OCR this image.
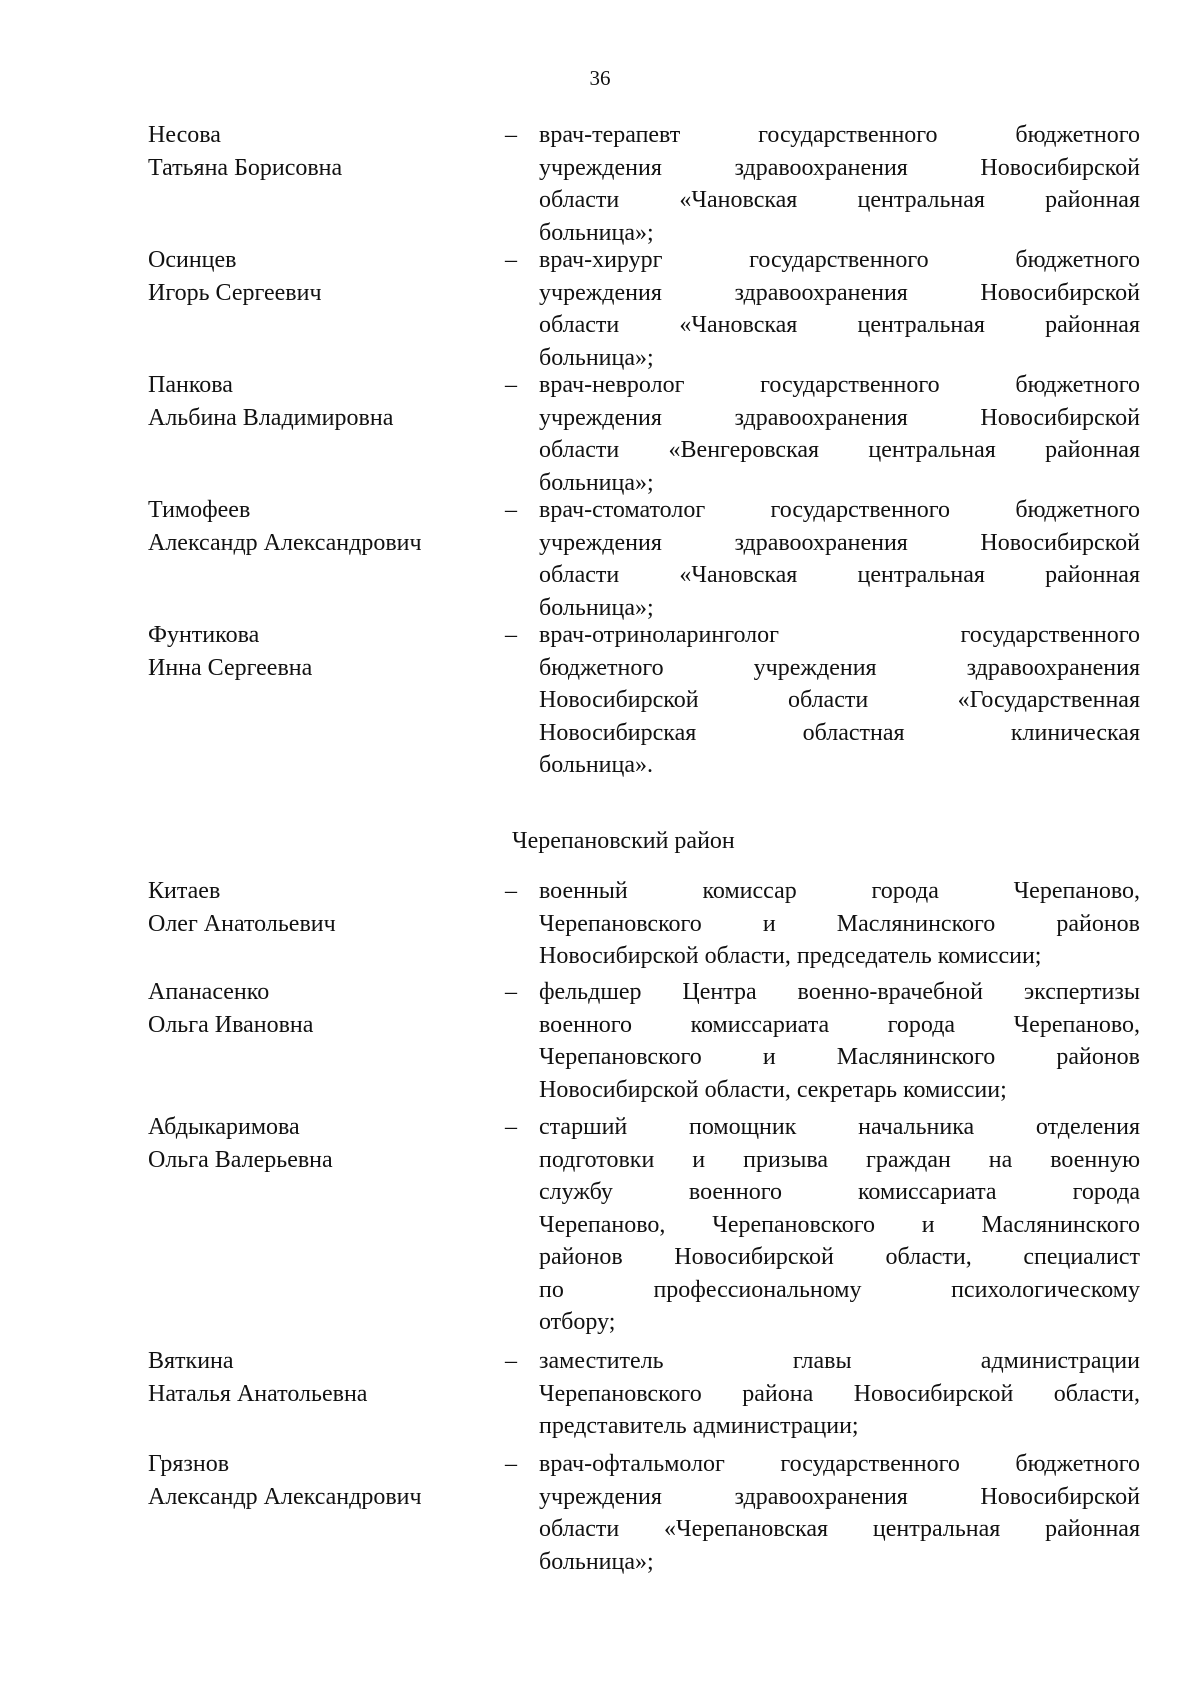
36
Несова
Татьяна Борисовна
– врач-терапевт государственного бюджетного
учреждения здравоохранения Новосибирской
области «Чановская центральная районная
больница»;
Осинцев
Игорь Сергеевич
– врач-хирург государственного бюджетного
учреждения здравоохранения Новосибирской
области «Чановская центральная районная
больница»;
Панкова
Альбина Владимировна
– врач-невролог государственного бюджетного
учреждения здравоохранения Новосибирской
области «Венгеровская центральная районная
больница»;
Тимофеев
Александр Александрович
– врач-стоматолог государственного бюджетного
учреждения здравоохранения Новосибирской
области «Чановская центральная районная
больница»;
Фунтикова
Инна Сергеевна
– врач-отриноларинголог государственного
бюджетного учреждения здравоохранения
Новосибирской области «Государственная
Новосибирская областная клиническая
больница».
Черепановский район
Китаев
Олег Анатольевич
– военный комиссар города Черепаново,
Черепановского и Маслянинского районов
Новосибирской области, председатель комиссии;
Апанасенко
Ольга Ивановна
– фельдшер Центра военно-врачебной экспертизы
военного комиссариата города Черепаново,
Черепановского и Маслянинского районов
Новосибирской области, секретарь комиссии;
Абдыкаримова
Ольга Валерьевна
– старший помощник начальника отделения
подготовки и призыва граждан на военную
службу военного комиссариата города
Черепаново, Черепановского и Маслянинского
районов Новосибирской области, специалист
по профессиональному психологическому
отбору;
Вяткина
Наталья Анатольевна
– заместитель главы администрации
Черепановского района Новосибирской области,
представитель администрации;
Грязнов
Александр Александрович
– врач-офтальмолог государственного бюджетного
учреждения здравоохранения Новосибирской
области «Черепановская центральная районная
больница»;
